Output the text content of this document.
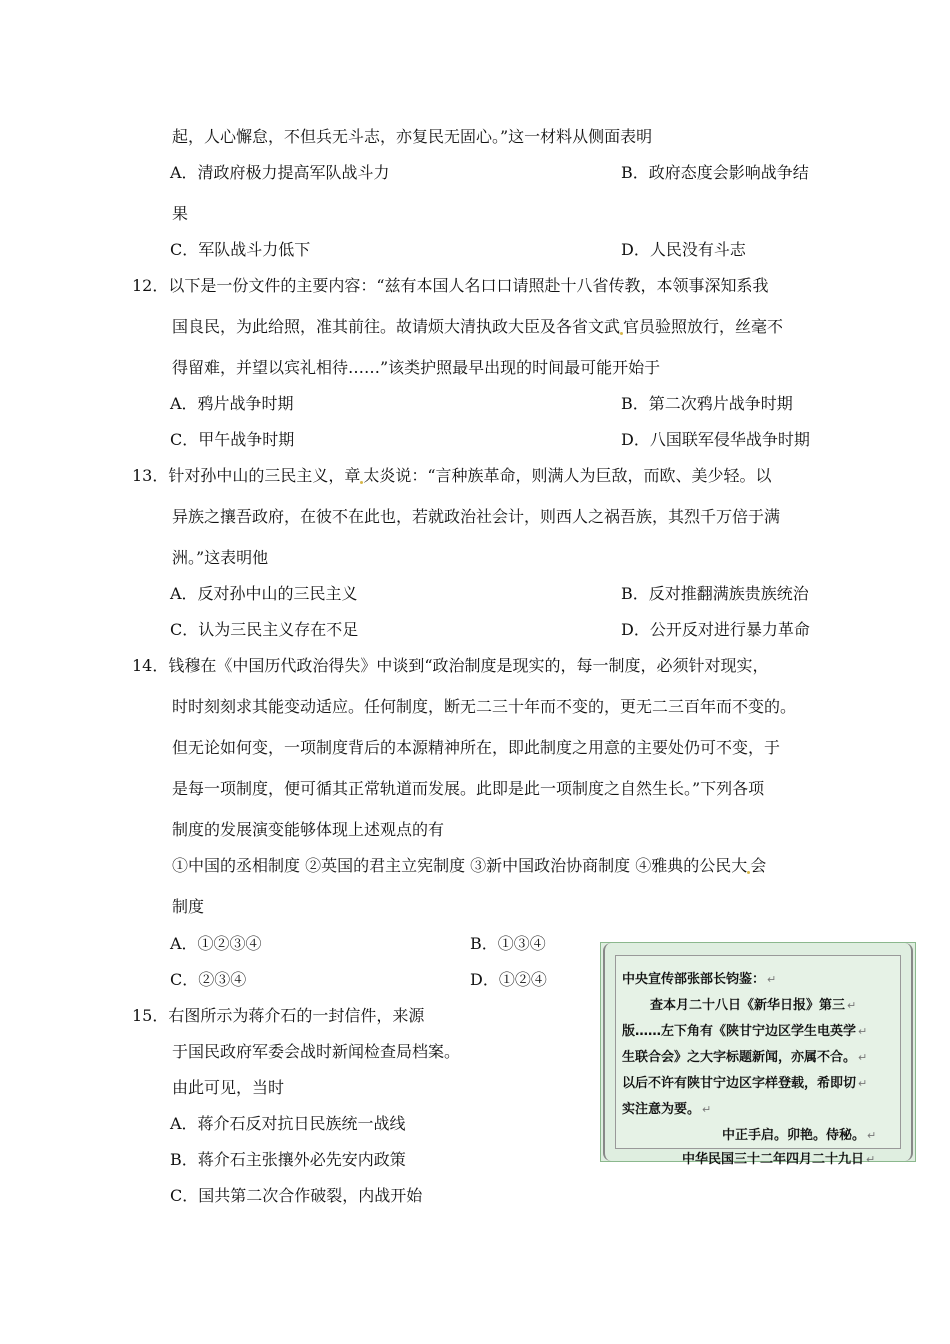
起，人心懈怠，不但兵无斗志，亦复民无固心。”这一材料从侧面表明
A．清政府极力提高军队战斗力	B．政府态度会影响战争结
果
C．军队战斗力低下	D．人民没有斗志
12．以下是一份文件的主要内容：“兹有本国人名口口请照赴十八省传教，本领事深知系我
国良民，为此给照，准其前往。故请烦大清执政大臣及各省文武 官员验照放行，丝毫不
得留难，并望以宾礼相待……”该类护照最早出现的时间最可能开始于
A．鸦片战争时期	B．第二次鸦片战争时期
C．甲午战争时期	D．八国联军侵华战争时期
13．针对孙中山的三民主义，章 太炎说：“言种族革命，则满人为巨敌，而欧、美少轻。以
异族之攘吾政府，在彼不在此也，若就政治社会计，则西人之祸吾族，其烈千万倍于满
洲。”这表明他
A．反对孙中山的三民主义	B．反对推翻满族贵族统治
C．认为三民主义存在不足	D．公开反对进行暴力革命
14．钱穆在《中国历代政治得失》中谈到“政治制度是现实的，每一制度，必须针对现实，
时时刻刻求其能变动适应。任何制度，断无二三十年而不变的，更无二三百年而不变的。
但无论如何变，一项制度背后的本源精神所在，即此制度之用意的主要处仍可不变，于
是每一项制度，便可循其正常轨道而发展。此即是此一项制度之自然生长。”下列各项
制度的发展演变能够体现上述观点的有
①中国的丞相制度 ②英国的君主立宪制度 ③新中国政治协商制度 ④雅典的公民大 会
制度
A．①②③④	B．①③④
C．②③④	D．①②④
15．右图所示为蒋介石的一封信件，来源
于国民政府军委会战时新闻检查局档案。
由此可见，当时
A．蒋介石反对抗日民族统一战线
B．蒋介石主张攘外必先安内政策
C．国共第二次合作破裂，内战开始
中央宣传部张部长钧鉴： ↵
查本月二十八日《新华日报》第三 ↵
版……左下角有《陕甘宁边区学生电英学 ↵
生联合会》之大字标题新闻，亦属不合。 ↵
以后不许有陕甘宁边区字样登载，希即切 ↵
实注意为要。 ↵
中正手启。卯艳。侍秘。 ↵
中华民国三十二年四月二十九日 ↵
